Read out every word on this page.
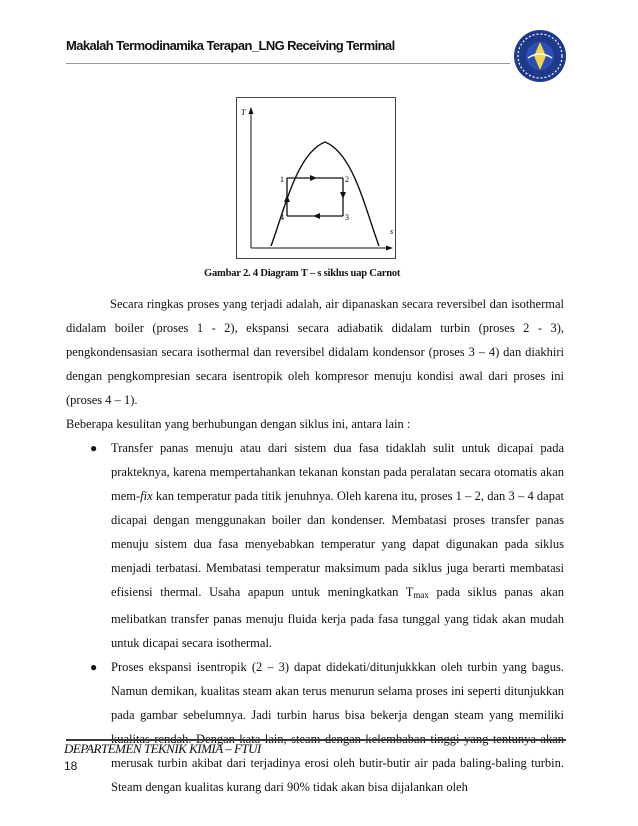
Makalah Termodinamika Terapan_LNG Receiving Terminal
T
s
1	2
3
4
Gambar 2. 4 Diagram T – s siklus uap Carnot

Secara ringkas proses yang terjadi adalah, air dipanaskan secara reversibel dan isothermal didalam boiler (proses 1 - 2), ekspansi secara adiabatik didalam turbin (proses 2 - 3), pengkondensasian secara isothermal dan reversibel didalam kondensor (proses 3 – 4) dan diakhiri dengan pengkompresian secara isentropik oleh kompresor menuju kondisi awal dari proses ini (proses 4 – 1).

Beberapa kesulitan yang berhubungan dengan siklus ini, antara lain :

● Transfer panas menuju atau dari sistem dua fasa tidaklah sulit untuk dicapai pada prakteknya, karena mempertahankan tekanan konstan pada peralatan secara otomatis akan mem-fix kan temperatur pada titik jenuhnya. Oleh karena itu, proses 1 – 2, dan 3 – 4 dapat dicapai dengan menggunakan boiler dan kondenser. Membatasi proses transfer panas menuju sistem dua fasa menyebabkan temperatur yang dapat digunakan pada siklus menjadi terbatasi. Membatasi temperatur maksimum pada siklus juga berarti membatasi efisiensi thermal. Usaha apapun untuk meningkatkan Tmax pada siklus panas akan melibatkan transfer panas menuju fluida kerja pada fasa tunggal yang tidak akan mudah untuk dicapai secara isothermal.
● Proses ekspansi isentropik (2 – 3) dapat didekati/ditunjukkkan oleh turbin yang bagus. Namun demikan, kualitas steam akan terus menurun selama proses ini seperti ditunjukkan pada gambar sebelumnya. Jadi turbin harus bisa bekerja dengan steam yang memiliki merusak turbin akibat dari terjadinya erosi oleh butir-butir air pada baling-baling turbin. Steam dengan kualitas kurang dari 90% tidak akan bisa dijalankan oleh
DEPARTEMEN TEKNIK KIMIA – FTUI
18
